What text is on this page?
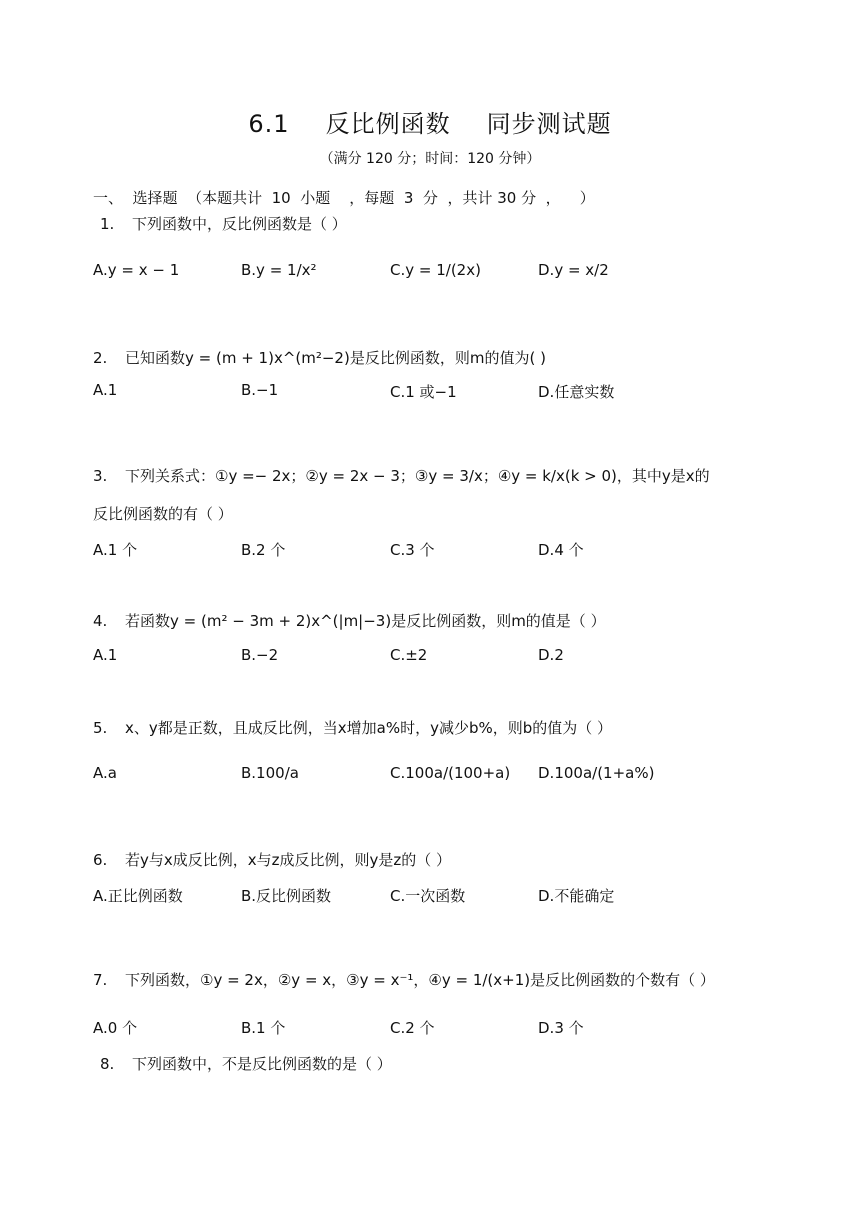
6.1 反比例函数 同步测试题
（满分 120 分；时间：120 分钟）
一、  选择题  （本题共计  10  小题    ，每题  3  分  ，共计 30 分  ，    ）
1. 下列函数中，反比例函数是（ ）
A.y = x − 1	B.y = 1/x²	C.y = 1/(2x)	D.y = x/2
2. 已知函数y = (m + 1)x^(m²−2)是反比例函数，则m的值为( )
A.1	B.−1	C.1 或−1	D.任意实数
3. 下列关系式：①y =− 2x；②y = 2x − 3；③y = 3/x；④y = k/x(k > 0)，其中y是x的
反比例函数的有（ ）
A.1 个	B.2 个	C.3 个	D.4 个
4. 若函数y = (m² − 3m + 2)x^(|m|−3)是反比例函数，则m的值是（ ）
A.1	B.−2	C.±2	D.2
5. x、y都是正数，且成反比例，当x增加a%时，y减少b%，则b的值为（ ）
A.a	B.100/a	C.100a/(100+a) D.100a/(1+a%)
6. 若y与x成反比例，x与z成反比例，则y是z的（ ）
A.正比例函数	B.反比例函数	C.一次函数	D.不能确定
7. 下列函数，①y = 2x，②y = x，③y = x⁻¹，④y = 1/(x+1)是反比例函数的个数有（ ）
A.0 个	B.1 个	C.2 个	D.3 个
8. 下列函数中，不是反比例函数的是（ ）
